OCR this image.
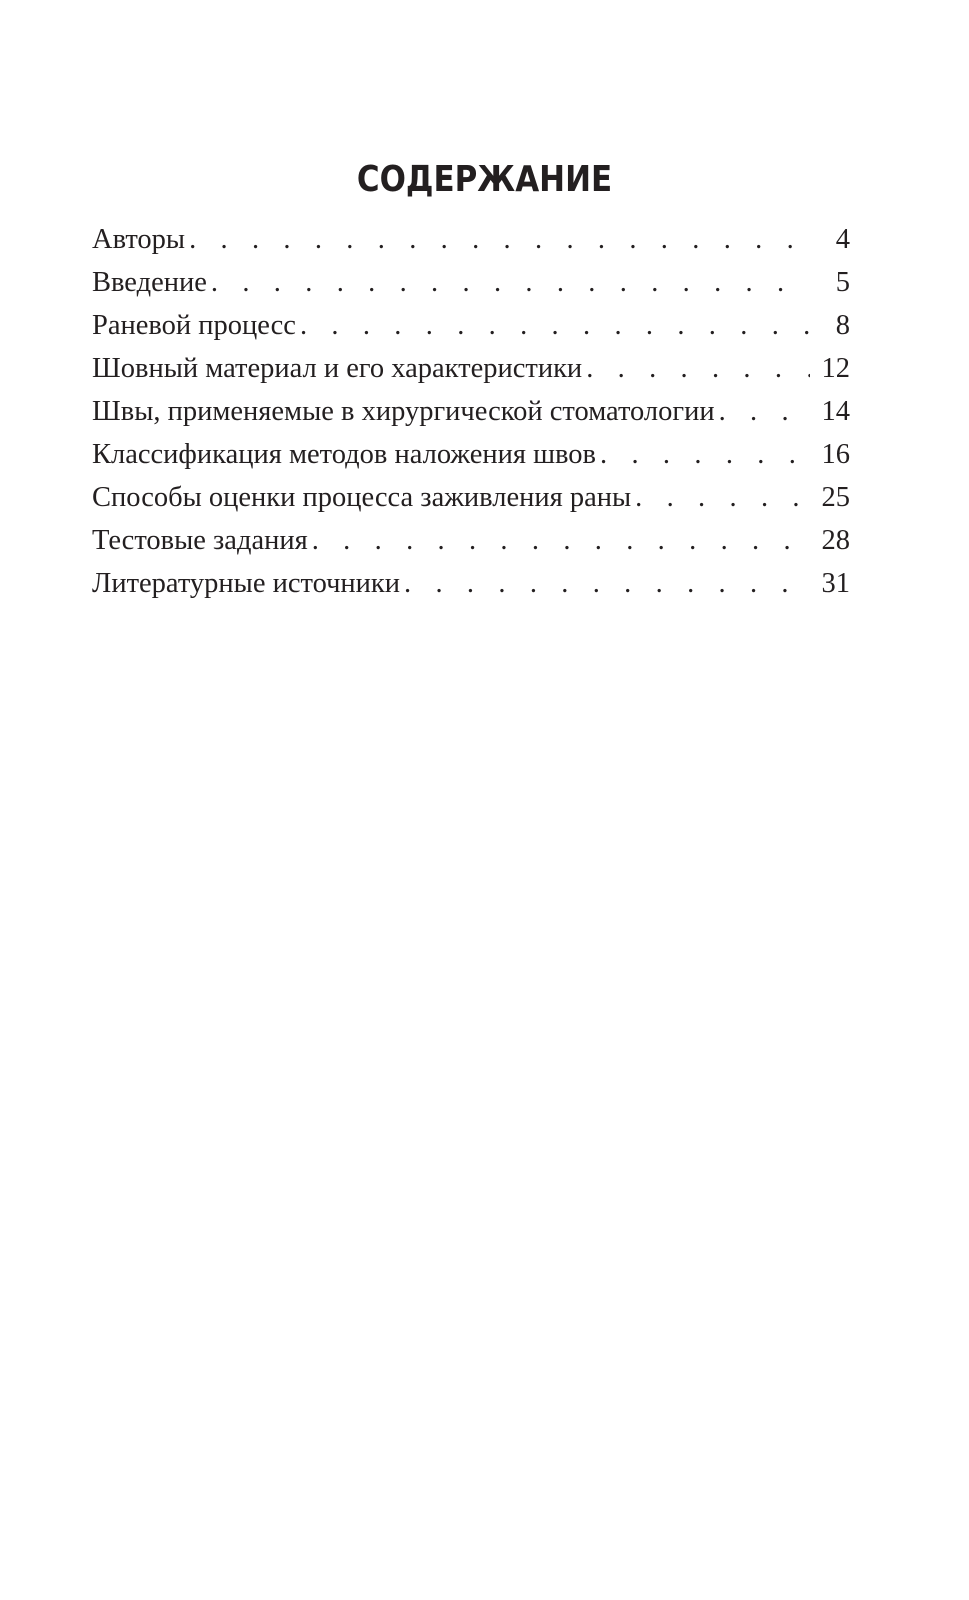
СОДЕРЖАНИЕ
Авторы . . .	4
Введение . . .	5
Раневой процесс . . .	8
Шовный материал и его характеристики . . .	12
Швы, применяемые в хирургической стоматологии . . .	14
Классификация методов наложения швов . . .	16
Способы оценки процесса заживления раны . . .	25
Тестовые задания . . .	28
Литературные источники . . .	31
